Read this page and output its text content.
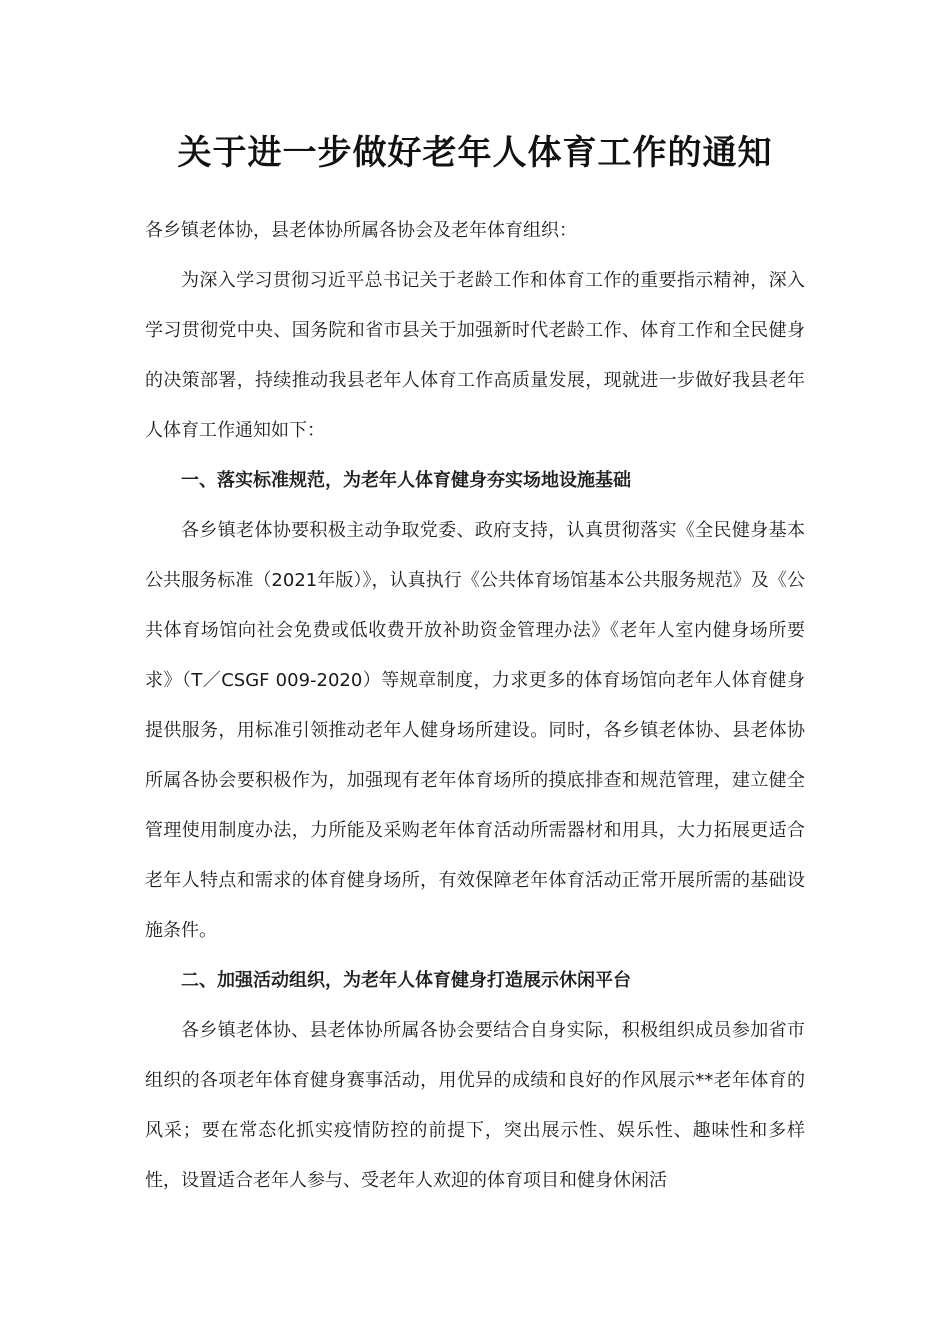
关于进一步做好老年人体育工作的通知

各乡镇老体协，县老体协所属各协会及老年体育组织：

为深入学习贯彻习近平总书记关于老龄工作和体育工作的重要指示精神，深入学习贯彻党中央、国务院和省市县关于加强新时代老龄工作、体育工作和全民健身的决策部署，持续推动我县老年人体育工作高质量发展，现就进一步做好我县老年人体育工作通知如下：

一、落实标准规范，为老年人体育健身夯实场地设施基础

各乡镇老体协要积极主动争取党委、政府支持，认真贯彻落实《全民健身基本公共服务标准（2021年版）》，认真执行《公共体育场馆基本公共服务规范》及《公共体育场馆向社会免费或低收费开放补助资金管理办法》《老年人室内健身场所要求》（T／CSGF 009-2020）等规章制度，力求更多的体育场馆向老年人体育健身提供服务，用标准引领推动老年人健身场所建设。同时，各乡镇老体协、县老体协所属各协会要积极作为，加强现有老年体育场所的摸底排查和规范管理，建立健全管理使用制度办法，力所能及采购老年体育活动所需器材和用具，大力拓展更适合老年人特点和需求的体育健身场所，有效保障老年体育活动正常开展所需的基础设施条件。

二、加强活动组织，为老年人体育健身打造展示休闲平台

各乡镇老体协、县老体协所属各协会要结合自身实际，积极组织成员参加省市组织的各项老年体育健身赛事活动，用优异的成绩和良好的作风展示**老年体育的风采；要在常态化抓实疫情防控的前提下，突出展示性、娱乐性、趣味性和多样性，设置适合老年人参与、受老年人欢迎的体育项目和健身休闲活
